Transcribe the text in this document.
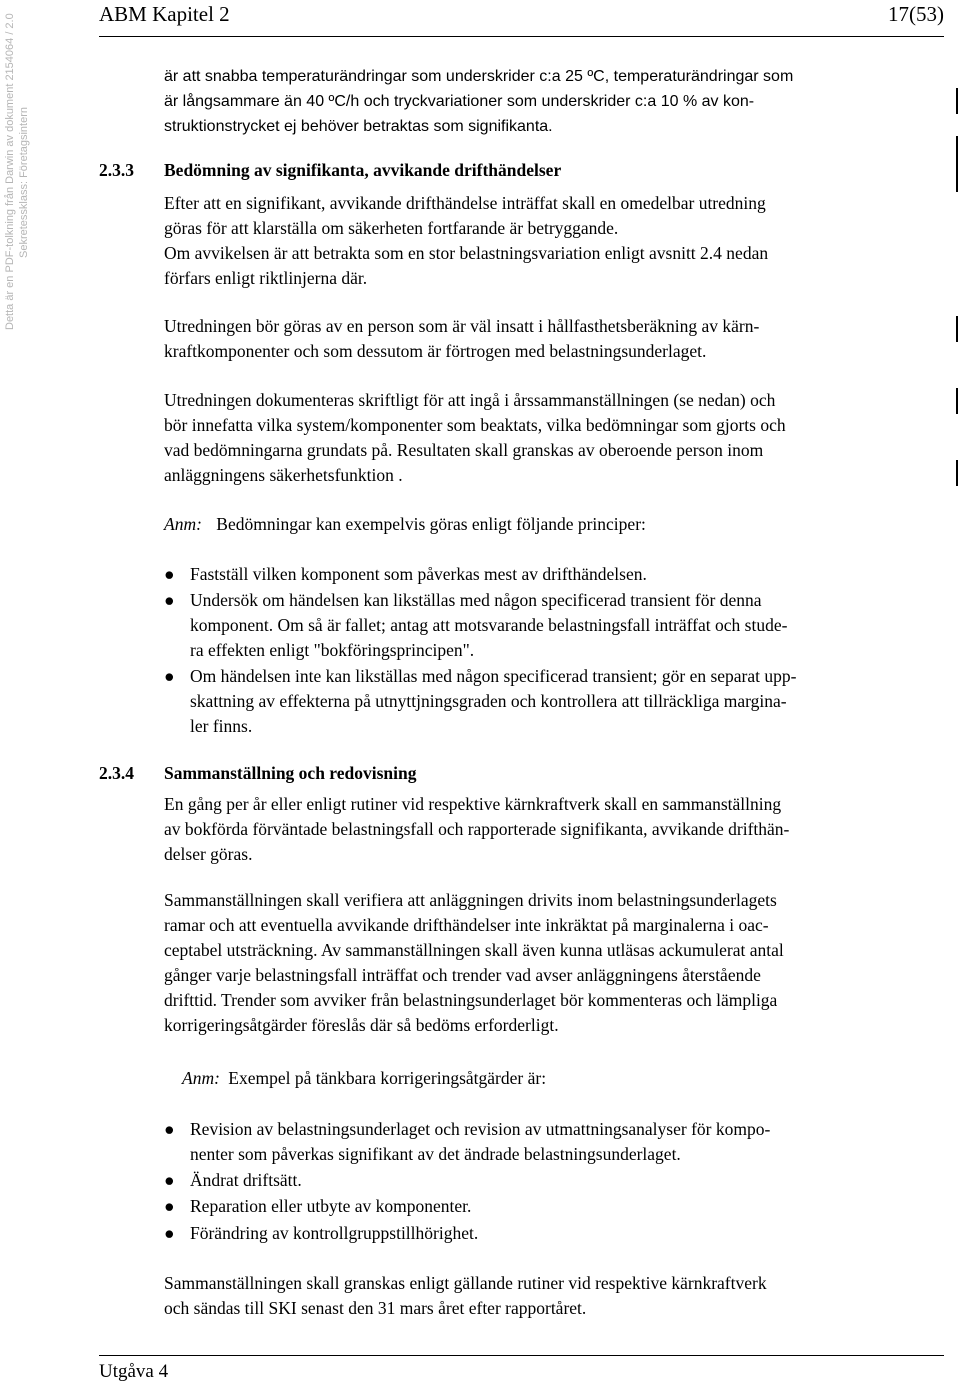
Detta är en PDF-tolkning från Darwin av dokument 2154064 / 2.0 Sekretessklass: Företagsintern
ABM Kapitel 2	17(53)
är att snabba temperaturändringar som underskrider c:a 25 ºC, temperaturändringar som
är långsammare än 40 ºC/h och tryckvariationer som underskrider c:a 10 % av kon-
struktionstrycket ej behöver betraktas som signifikanta.
2.3.3 Bedömning av signifikanta, avvikande drifthändelser
Efter att en signifikant, avvikande drifthändelse inträffat skall en omedelbar utredning
göras för att klarställa om säkerheten fortfarande är betryggande.
Om avvikelsen är att betrakta som en stor belastningsvariation enligt avsnitt 2.4 nedan
förfars enligt riktlinjerna där.
Utredningen bör göras av en person som är väl insatt i hållfasthetsberäkning av kärn-
kraftkomponenter och som dessutom är förtrogen med belastningsunderlaget.
Utredningen dokumenteras skriftligt för att ingå i årssammanställningen (se nedan) och
bör innefatta vilka system/komponenter som beaktats, vilka bedömningar som gjorts och
vad bedömningarna grundats på. Resultaten skall granskas av oberoende person inom
anläggningens säkerhetsfunktion .
Anm: Bedömningar kan exempelvis göras enligt följande principer:
● Fastställ vilken komponent som påverkas mest av drifthändelsen.
● Undersök om händelsen kan likställas med någon specificerad transient för denna
komponent. Om så är fallet; antag att motsvarande belastningsfall inträffat och stude-
ra effekten enligt "bokföringsprincipen".
● Om händelsen inte kan likställas med någon specificerad transient; gör en separat upp-
skattning av effekterna på utnyttjningsgraden och kontrollera att tillräckliga margina-
ler finns.
2.3.4 Sammanställning och redovisning
En gång per år eller enligt rutiner vid respektive kärnkraftverk skall en sammanställning
av bokförda förväntade belastningsfall och rapporterade signifikanta, avvikande drifthän-
delser göras.
Sammanställningen skall verifiera att anläggningen drivits inom belastningsunderlagets
ramar och att eventuella avvikande drifthändelser inte inkräktat på marginalerna i oac-
ceptabel utsträckning. Av sammanställningen skall även kunna utläsas ackumulerat antal
gånger varje belastningsfall inträffat och trender vad avser anläggningens återstående
drifttid. Trender som avviker från belastningsunderlaget bör kommenteras och lämpliga
korrigeringsåtgärder föreslås där så bedöms erforderligt.
Anm: Exempel på tänkbara korrigeringsåtgärder är:
● Revision av belastningsunderlaget och revision av utmattningsanalyser för kompo-
nenter som påverkas signifikant av det ändrade belastningsunderlaget.
● Ändrat driftsätt.
● Reparation eller utbyte av komponenter.
● Förändring av kontrollgruppstillhörighet.
Sammanställningen skall granskas enligt gällande rutiner vid respektive kärnkraftverk
och sändas till SKI senast den 31 mars året efter rapportåret.
Utgåva 4
